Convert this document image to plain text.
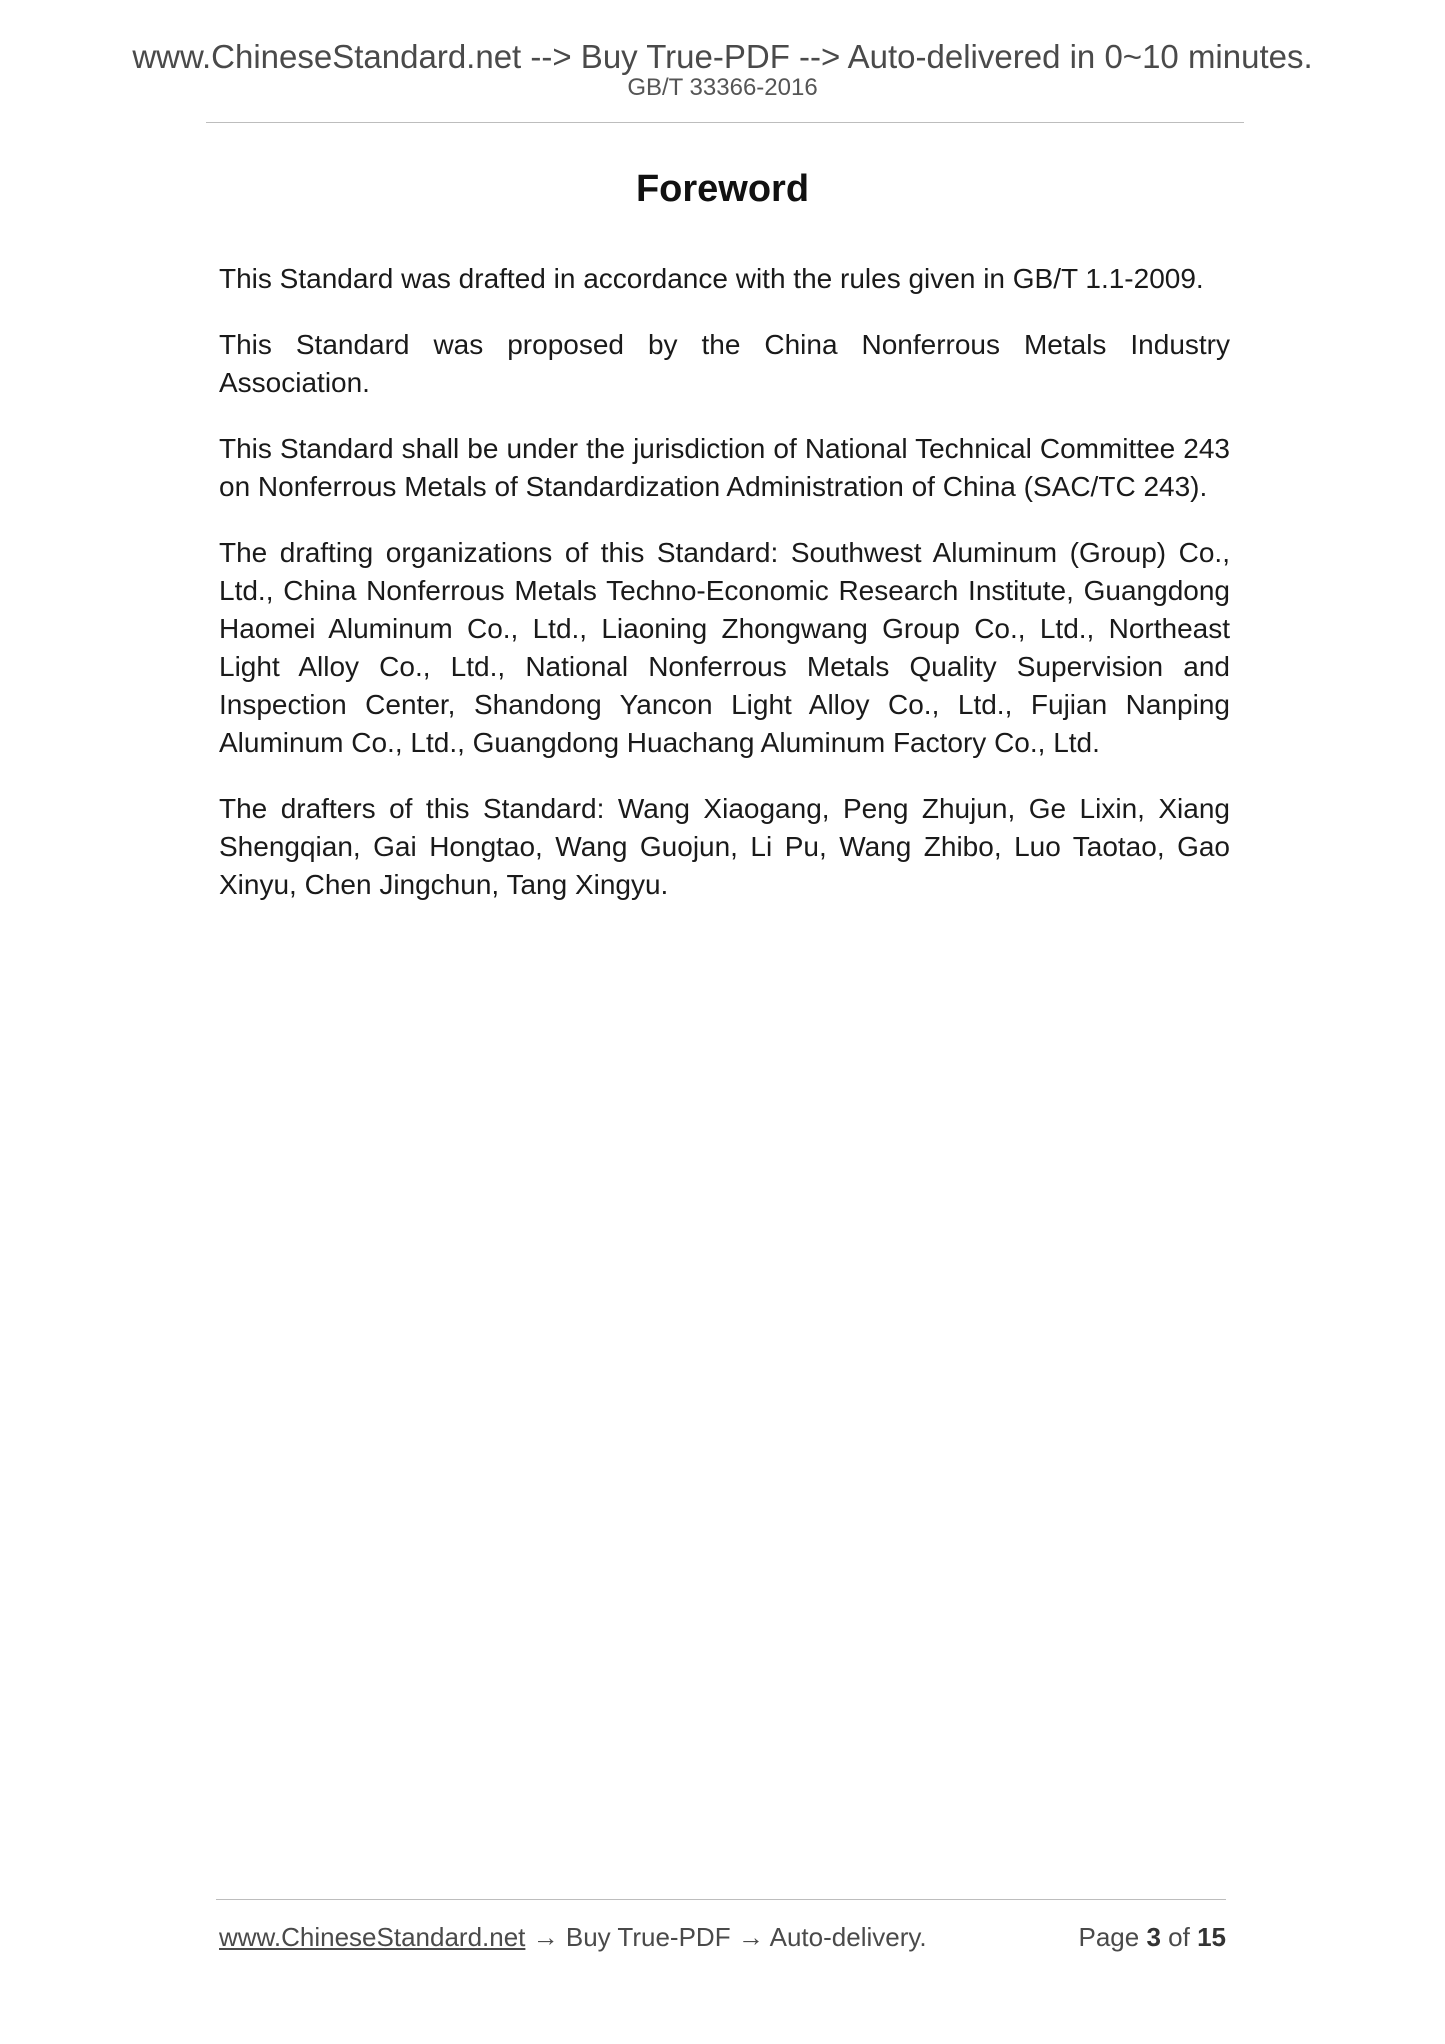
www.ChineseStandard.net --> Buy True-PDF --> Auto-delivered in 0~10 minutes.
GB/T 33366-2016
Foreword

This Standard was drafted in accordance with the rules given in GB/T 1.1-2009.

This Standard was proposed by the China Nonferrous Metals Industry Association.

This Standard shall be under the jurisdiction of National Technical Committee 243 on Nonferrous Metals of Standardization Administration of China (SAC/TC 243).

The drafting organizations of this Standard: Southwest Aluminum (Group) Co., Ltd., China Nonferrous Metals Techno-Economic Research Institute, Guangdong Haomei Aluminum Co., Ltd., Liaoning Zhongwang Group Co., Ltd., Northeast Light Alloy Co., Ltd., National Nonferrous Metals Quality Supervision and Inspection Center, Shandong Yancon Light Alloy Co., Ltd., Fujian Nanping Aluminum Co., Ltd., Guangdong Huachang Aluminum Factory Co., Ltd.

The drafters of this Standard: Wang Xiaogang, Peng Zhujun, Ge Lixin, Xiang Shengqian, Gai Hongtao, Wang Guojun, Li Pu, Wang Zhibo, Luo Taotao, Gao Xinyu, Chen Jingchun, Tang Xingyu.

www.ChineseStandard.net → Buy True-PDF → Auto-delivery.	Page 3 of 15
